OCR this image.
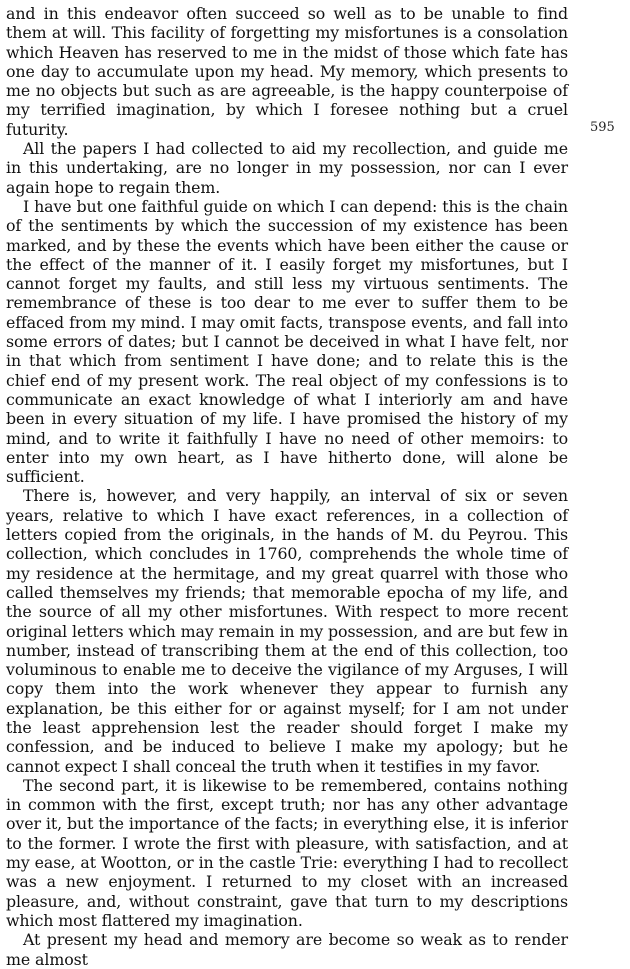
and in this endeavor often succeed so well as to be unable to find them at will. This facility of forgetting my misfortunes is a consolation which Heaven has reserved to me in the midst of those which fate has one day to accumulate upon my head. My memory, which presents to me no objects but such as are agreeable, is the happy counterpoise of my terrified imagination, by which I foresee nothing but a cruel futurity.

All the papers I had collected to aid my recollection, and guide me in this undertaking, are no longer in my possession, nor can I ever again hope to regain them.

I have but one faithful guide on which I can depend: this is the chain of the sentiments by which the succession of my existence has been marked, and by these the events which have been either the cause or the effect of the manner of it. I easily forget my misfortunes, but I cannot forget my faults, and still less my virtuous sentiments. The remembrance of these is too dear to me ever to suffer them to be effaced from my mind. I may omit facts, transpose events, and fall into some errors of dates; but I cannot be deceived in what I have felt, nor in that which from sentiment I have done; and to relate this is the chief end of my present work. The real object of my confessions is to communicate an exact knowledge of what I interiorly am and have been in every situation of my life. I have promised the history of my mind, and to write it faithfully I have no need of other memoirs: to enter into my own heart, as I have hitherto done, will alone be sufficient.

There is, however, and very happily, an interval of six or seven years, relative to which I have exact references, in a collection of letters copied from the originals, in the hands of M. du Peyrou. This collection, which concludes in 1760, comprehends the whole time of my residence at the hermitage, and my great quarrel with those who called themselves my friends; that memorable epocha of my life, and the source of all my other misfortunes. With respect to more recent original letters which may remain in my possession, and are but few in number, instead of transcribing them at the end of this collection, too voluminous to enable me to deceive the vigilance of my Arguses, I will copy them into the work whenever they appear to furnish any explanation, be this either for or against myself; for I am not under the least apprehension lest the reader should forget I make my confession, and be induced to believe I make my apology; but he cannot expect I shall conceal the truth when it testifies in my favor.

The second part, it is likewise to be remembered, contains nothing in common with the first, except truth; nor has any other advantage over it, but the importance of the facts; in everything else, it is inferior to the former. I wrote the first with pleasure, with satisfaction, and at my ease, at Wootton, or in the castle Trie: everything I had to recollect was a new enjoyment. I returned to my closet with an increased pleasure, and, without constraint, gave that turn to my descriptions which most flattered my imagination.

At present my head and memory are become so weak as to render me almost

595
